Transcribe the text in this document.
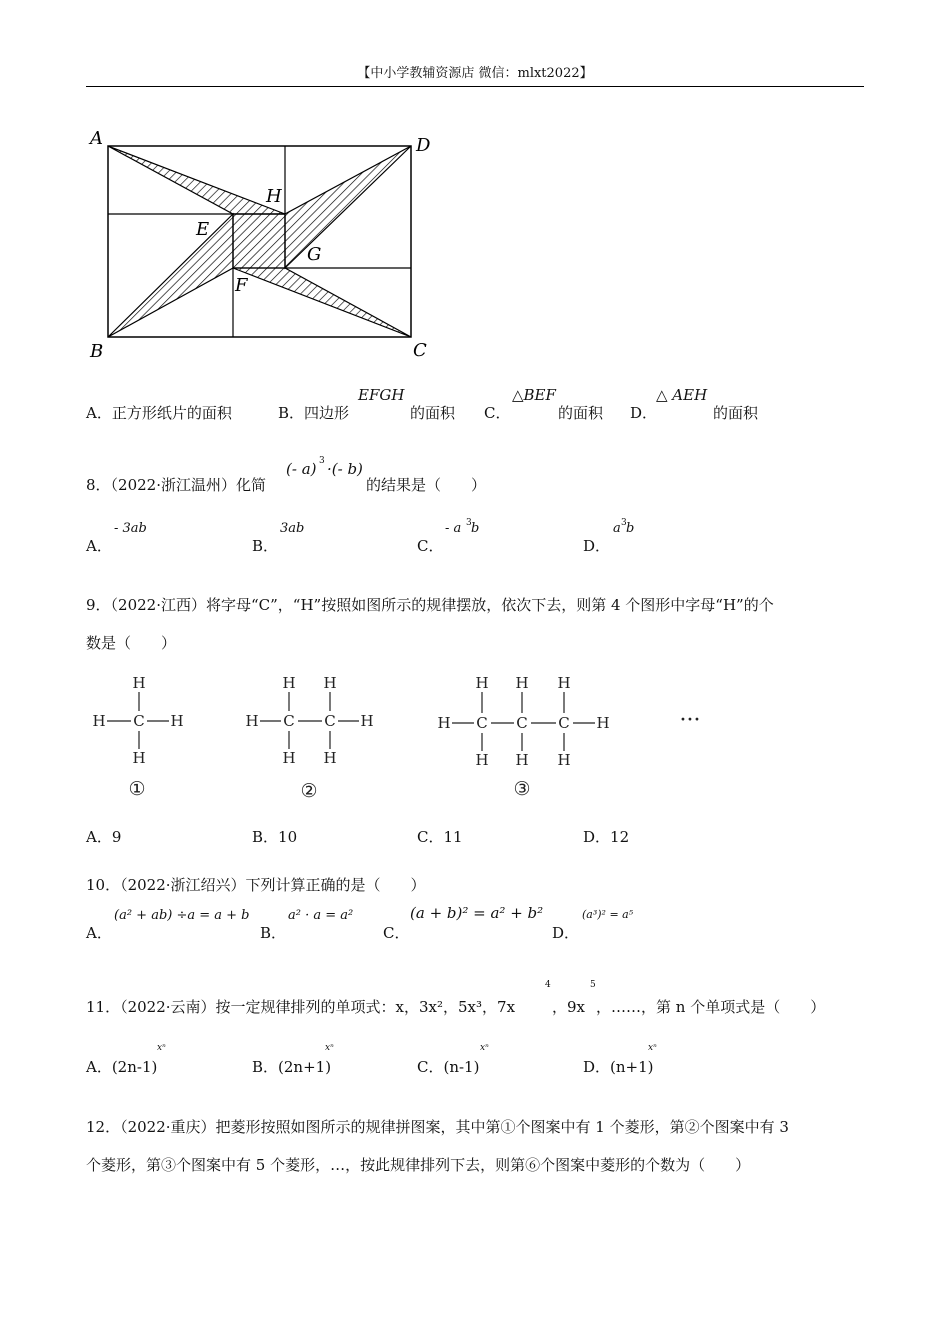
【中小学教辅资源店 微信：mlxt2022】
A	D
B	C
H
E
G
F
A．正方形纸片的面积	B．四边形
EFGH
的面积 C．
△BEF
的面积 D．
△ AEH
的面积
8．（2022·浙江温州）化简
(- a) 3 ·(- b)
的结果是（　　）
A．
- 3ab
B．
3ab
C．
- a 3 b
D．
a 3 b
9．（2022·江西）将字母“C”，“H”按照如图所示的规律摆放，依次下去，则第 4 个图形中字母“H”的个
数是（　　）
H
H C H
H
H H
H C C H
H H
H H H
H C C C H
H H H
①	②	③
···
A．9	B．10	C．11	D．12
10．（2022·浙江绍兴）下列计算正确的是（　　）
A．
(a² + ab) ÷a = a + b
B．
a² · a = a²
C．
(a + b)² = a² + b²
D．
(a³)² = a⁵
11．（2022·云南）按一定规律排列的单项式：x，3x²，5x³，7x
4
，9x
5
，……，第 n 个单项式是（　　）
A．(2n-1)
xⁿ
B．(2n+1)
xⁿ
C．(n-1)
xⁿ
D．(n+1)
xⁿ
12．（2022·重庆）把菱形按照如图所示的规律拼图案，其中第①个图案中有 1 个菱形，第②个图案中有 3
个菱形，第③个图案中有 5 个菱形，…，按此规律排列下去，则第⑥个图案中菱形的个数为（　　）
